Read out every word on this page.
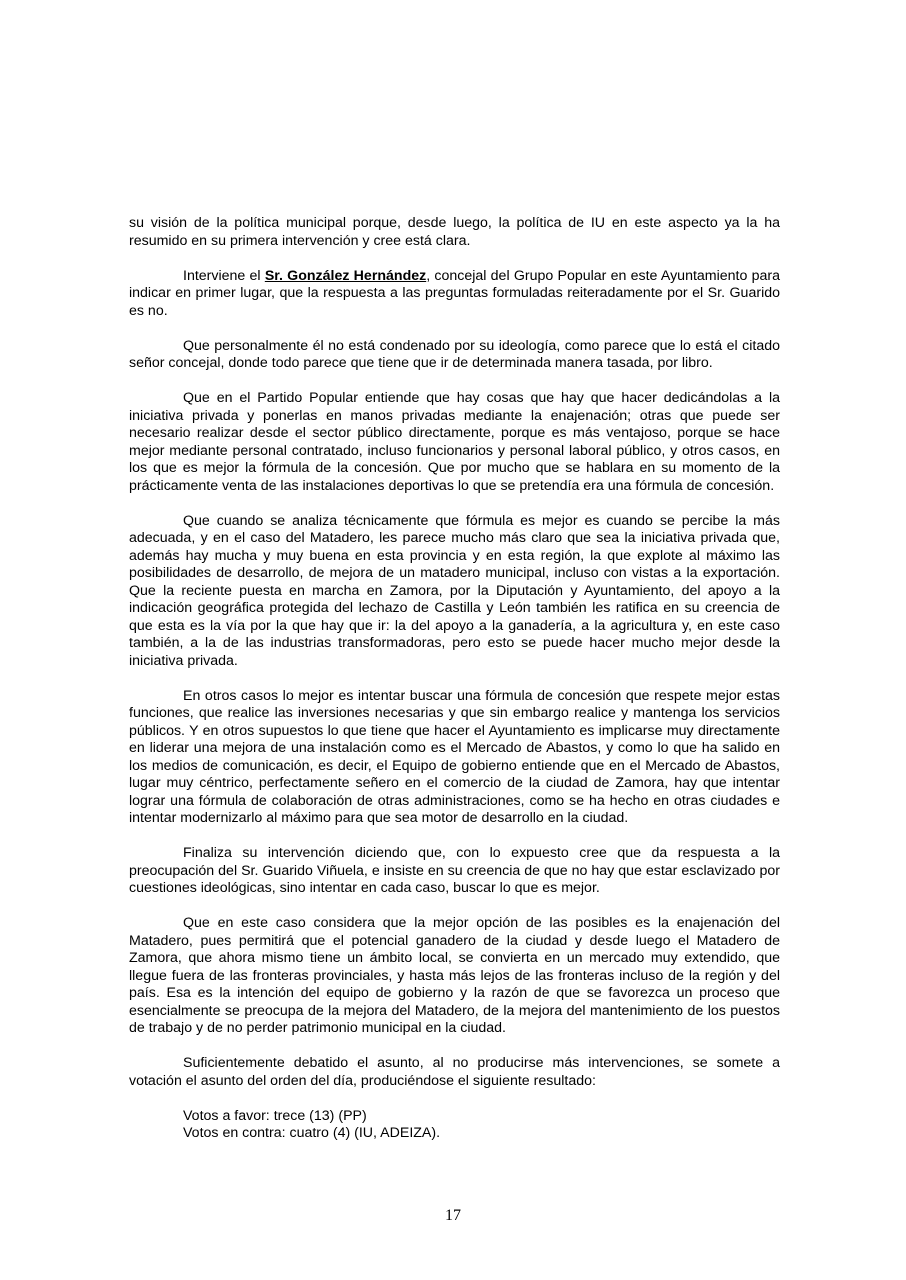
su visión de la política municipal porque, desde luego, la política de IU en este aspecto ya la ha resumido en su primera intervención y cree está clara.

Interviene el Sr. González Hernández, concejal del Grupo Popular en este Ayuntamiento para indicar en primer lugar, que la respuesta a las preguntas formuladas reiteradamente por el Sr. Guarido es no.

Que personalmente él no está condenado por su ideología, como parece que lo está el citado señor concejal, donde todo parece que tiene que ir de determinada manera tasada, por libro.

Que en el Partido Popular entiende que hay cosas que hay que hacer dedicándolas a la iniciativa privada y ponerlas en manos privadas mediante la enajenación; otras que puede ser necesario realizar desde el sector público directamente, porque es más ventajoso, porque se hace mejor mediante personal contratado, incluso funcionarios y personal laboral público, y otros casos, en los que es mejor la fórmula de la concesión. Que por mucho que se hablara en su momento de la prácticamente venta de las instalaciones deportivas lo que se pretendía era una fórmula de concesión.

Que cuando se analiza técnicamente que fórmula es mejor es cuando se percibe la más adecuada, y en el caso del Matadero, les parece mucho más claro que sea la iniciativa privada que, además hay mucha y muy buena en esta provincia y en esta región, la que explote al máximo las posibilidades de desarrollo, de mejora de un matadero municipal, incluso con vistas a la exportación. Que la reciente puesta en marcha en Zamora, por la Diputación y Ayuntamiento, del apoyo a la indicación geográfica protegida del lechazo de Castilla y León también les ratifica en su creencia de que esta es la vía por la que hay que ir: la del apoyo a la ganadería, a la agricultura y, en este caso también, a la de las industrias transformadoras, pero esto se puede hacer mucho mejor desde la iniciativa privada.

En otros casos lo mejor es intentar buscar una fórmula de concesión que respete mejor estas funciones, que realice las inversiones necesarias y que sin embargo realice y mantenga los servicios públicos. Y en otros supuestos lo que tiene que hacer el Ayuntamiento es implicarse muy directamente en liderar una mejora de una instalación como es el Mercado de Abastos, y como lo que ha salido en los medios de comunicación, es decir, el Equipo de gobierno entiende que en el Mercado de Abastos, lugar muy céntrico, perfectamente señero en el comercio de la ciudad de Zamora, hay que intentar lograr una fórmula de colaboración de otras administraciones, como se ha hecho en otras ciudades e intentar modernizarlo al máximo para que sea motor de desarrollo en la ciudad.

Finaliza su intervención diciendo que, con lo expuesto cree que da respuesta a la preocupación del Sr. Guarido Viñuela, e insiste en su creencia de que no hay que estar esclavizado por cuestiones ideológicas, sino intentar en cada caso, buscar lo que es mejor.

Que en este caso considera que la mejor opción de las posibles es la enajenación del Matadero, pues permitirá que el potencial ganadero de la ciudad y desde luego el Matadero de Zamora, que ahora mismo tiene un ámbito local, se convierta en un mercado muy extendido, que llegue fuera de las fronteras provinciales, y hasta más lejos de las fronteras incluso de la región y del país. Esa es la intención del equipo de gobierno y la razón de que se favorezca un proceso que esencialmente se preocupa de la mejora del Matadero, de la mejora del mantenimiento de los puestos de trabajo y de no perder patrimonio municipal en la ciudad.

Suficientemente debatido el asunto, al no producirse más intervenciones, se somete a votación el asunto del orden del día, produciéndose el siguiente resultado:

Votos a favor: trece (13) (PP)
Votos en contra: cuatro (4) (IU, ADEIZA).
17
